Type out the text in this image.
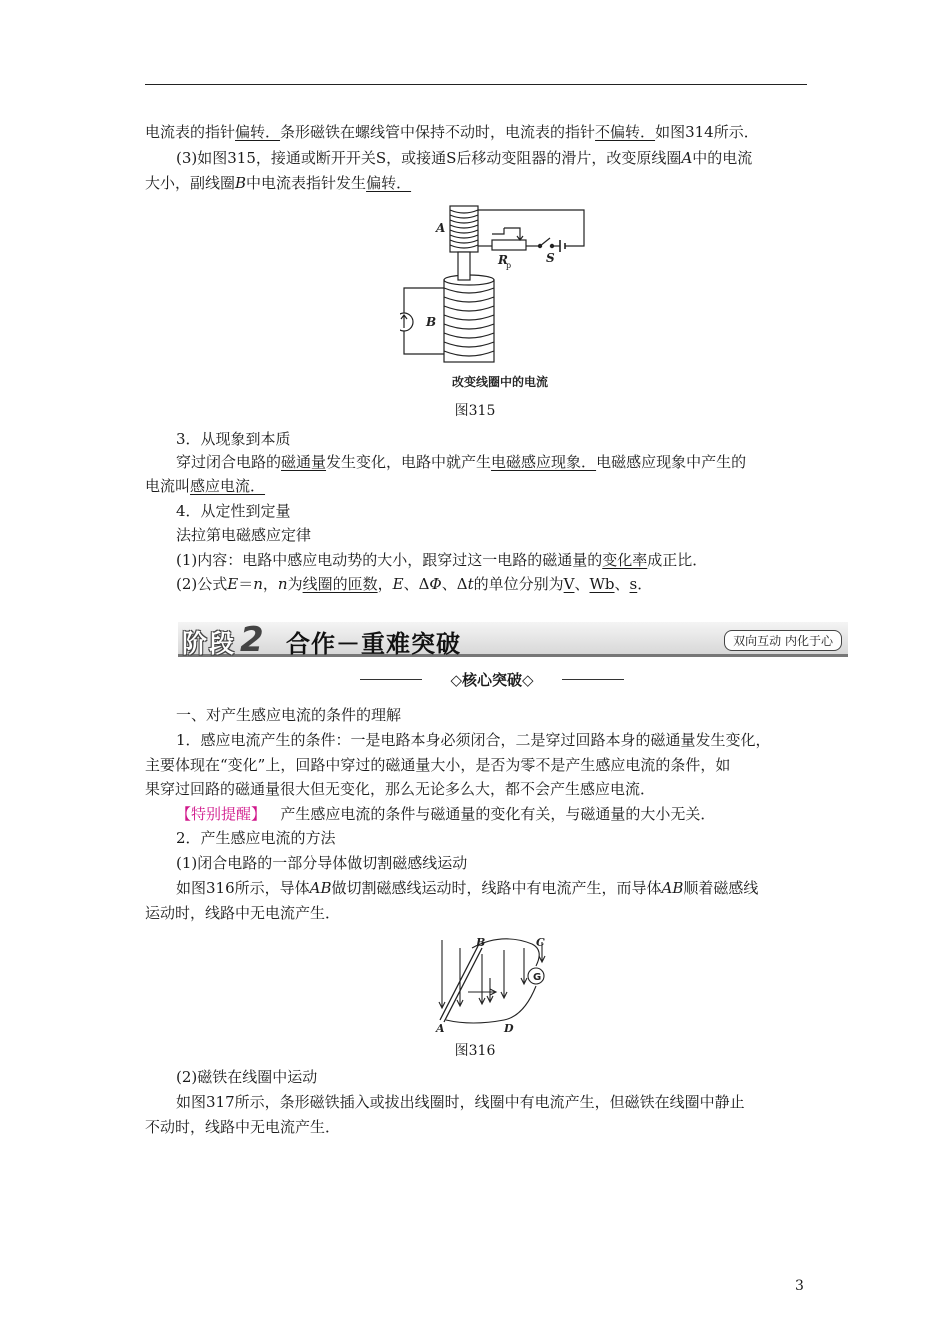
电流表的指针偏转．条形磁铁在螺线管中保持不动时，电流表的指针不偏转．如图314所示．
(3)如图315，接通或断开开关S，或接通S后移动变阻器的滑片，改变原线圈A中的电流
大小，副线圈B中电流表指针发生偏转．
A
B
S
R
p
改变线圈中的电流
图315
3．从现象到本质
穿过闭合电路的磁通量发生变化，电路中就产生电磁感应现象．电磁感应现象中产生的
电流叫感应电流．
4．从定性到定量
法拉第电磁感应定律
(1)内容：电路中感应电动势的大小，跟穿过这一电路的磁通量的变化率成正比．
(2)公式E＝n，n为线圈的匝数，E、ΔΦ、Δt的单位分别为V、Wb、s．
阶段 2 合作－重难突破	双向互动 内化于心
◇核心突破◇
一、对产生感应电流的条件的理解
1．感应电流产生的条件：一是电路本身必须闭合，二是穿过回路本身的磁通量发生变化，
主要体现在“变化”上，回路中穿过的磁通量大小，是否为零不是产生感应电流的条件，如
果穿过回路的磁通量很大但无变化，那么无论多么大，都不会产生感应电流．
【特别提醒】 产生感应电流的条件与磁通量的变化有关，与磁通量的大小无关．
2．产生感应电流的方法
(1)闭合电路的一部分导体做切割磁感线运动
如图316所示，导体AB做切割磁感线运动时，线路中有电流产生，而导体AB顺着磁感线
运动时，线路中无电流产生．
G
B	C
A	D
图316
(2)磁铁在线圈中运动
如图317所示，条形磁铁插入或拔出线圈时，线圈中有电流产生，但磁铁在线圈中静止
不动时，线路中无电流产生．
3
